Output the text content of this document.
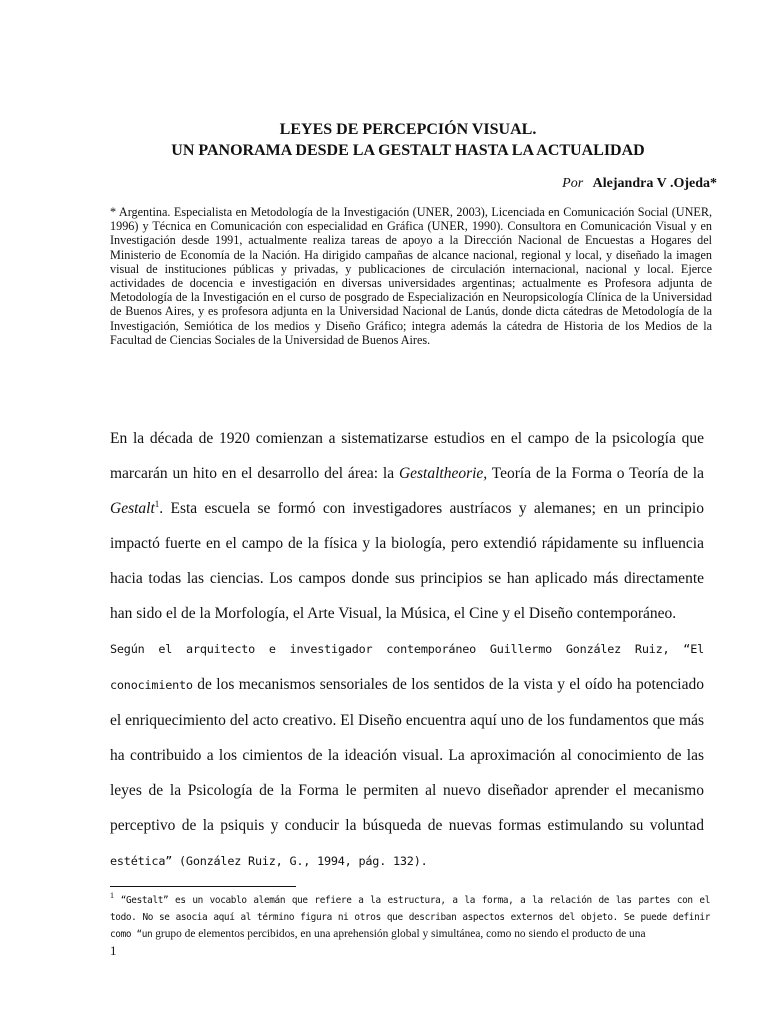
LEYES DE PERCEPCIÓN VISUAL.
UN PANORAMA DESDE LA GESTALT HASTA LA ACTUALIDAD
Por Alejandra V .Ojeda*
* Argentina. Especialista en Metodología de la Investigación (UNER, 2003), Licenciada en Comunicación Social (UNER, 1996) y Técnica en Comunicación con especialidad en Gráfica (UNER, 1990). Consultora en Comunicación Visual y en Investigación desde 1991, actualmente realiza tareas de apoyo a la Dirección Nacional de Encuestas a Hogares del Ministerio de Economía de la Nación. Ha dirigido campañas de alcance nacional, regional y local, y diseñado la imagen visual de instituciones públicas y privadas, y publicaciones de circulación internacional, nacional y local. Ejerce actividades de docencia e investigación en diversas universidades argentinas; actualmente es Profesora adjunta de Metodología de la Investigación en el curso de posgrado de Especialización en Neuropsicología Clínica de la Universidad de Buenos Aires, y es profesora adjunta en la Universidad Nacional de Lanús, donde dicta cátedras de Metodología de la Investigación, Semiótica de los medios y Diseño Gráfico; integra además la cátedra de Historia de los Medios de la Facultad de Ciencias Sociales de la Universidad de Buenos Aires.

En la década de 1920 comienzan a sistematizarse estudios en el campo de la psicología que marcarán un hito en el desarrollo del área: la Gestaltheorie, Teoría de la Forma o Teoría de la Gestalt$^1$. Esta escuela se formó con investigadores austríacos y alemanes; en un principio impactó fuerte en el campo de la física y la biología, pero extendió rápidamente su influencia hacia todas las ciencias. Los campos donde sus principios se han aplicado más directamente han sido el de la Morfología, el Arte Visual, la Música, el Cine y el Diseño contemporáneo.

Según el arquitecto e investigador contemporáneo Guillermo González Ruiz, “El conocimiento de los mecanismos sensoriales de los sentidos de la vista y el oído ha potenciado el enriquecimiento del acto creativo. El Diseño encuentra aquí uno de los fundamentos que más ha contribuido a los cimientos de la ideación visual. La aproximación al conocimiento de las leyes de la Psicología de la Forma le permiten al nuevo diseñador aprender el mecanismo perceptivo de la psiquis y conducir la búsqueda de nuevas formas estimulando su voluntad estética” (González Ruiz, G., 1994, pág. 132).

$^1$ “Gestalt” es un vocablo alemán que refiere a la estructura, a la forma, a la relación de las partes con el todo. No se asocia aquí al término figura ni otros que describan aspectos externos del objeto. Se puede definir como “un grupo de elementos percibidos, en una aprehensión global y simultánea, como no siendo el producto de una
1
